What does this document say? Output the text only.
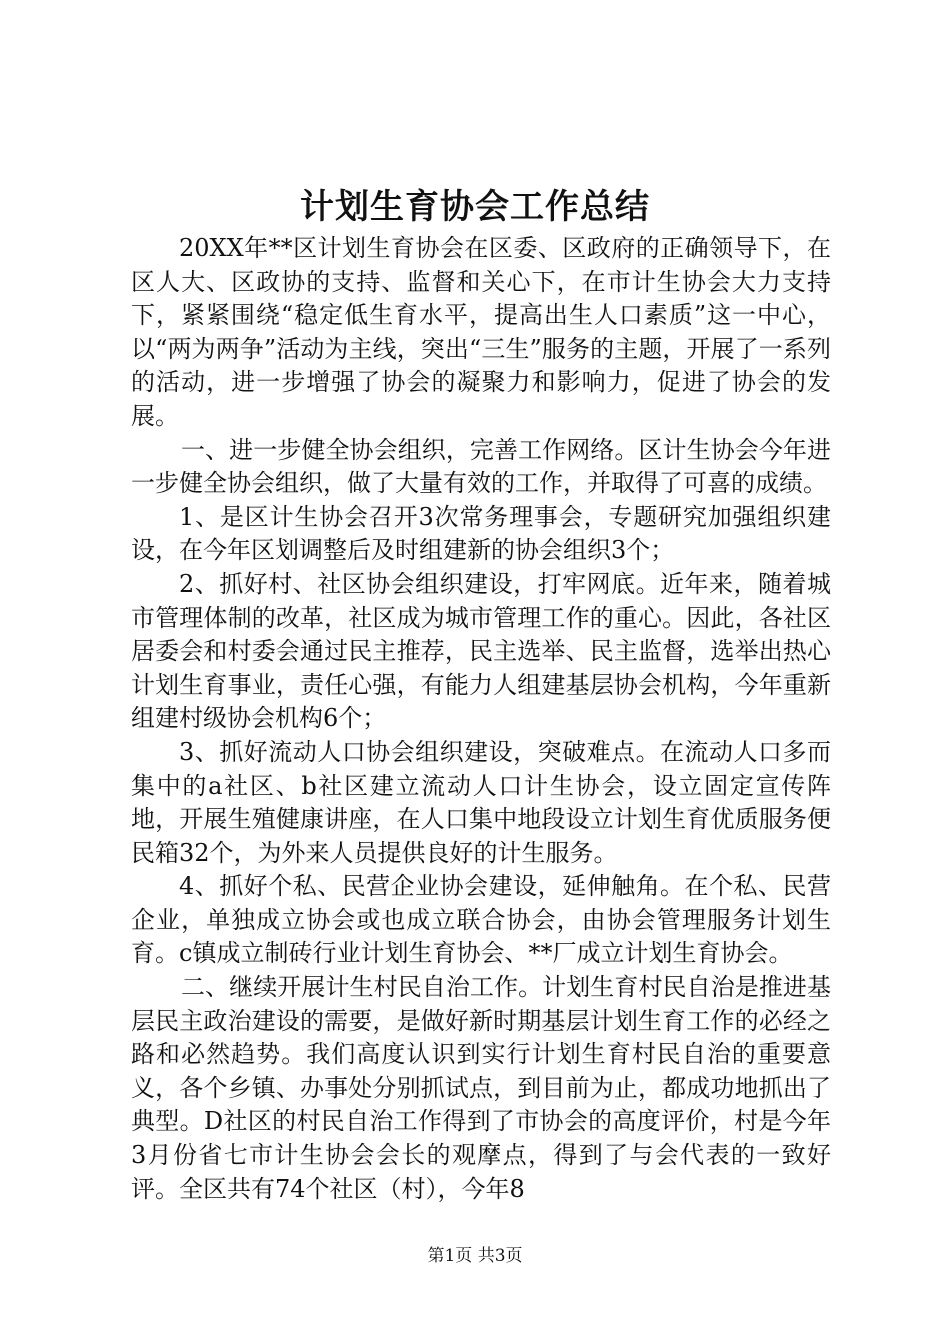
计划生育协会工作总结

20XX年**区计划生育协会在区委、区政府的正确领导下，在区人大、区政协的支持、监督和关心下，在市计生协会大力支持下，紧紧围绕“稳定低生育水平，提高出生人口素质”这一中心，以“两为两争”活动为主线，突出“三生”服务的主题，开展了一系列的活动，进一步增强了协会的凝聚力和影响力，促进了协会的发展。

一、进一步健全协会组织，完善工作网络。区计生协会今年进一步健全协会组织，做了大量有效的工作，并取得了可喜的成绩。

1、是区计生协会召开3次常务理事会，专题研究加强组织建设，在今年区划调整后及时组建新的协会组织3个；

2、抓好村、社区协会组织建设，打牢网底。近年来，随着城市管理体制的改革，社区成为城市管理工作的重心。因此，各社区居委会和村委会通过民主推荐，民主选举、民主监督，选举出热心计划生育事业，责任心强，有能力人组建基层协会机构，今年重新组建村级协会机构6个；

3、抓好流动人口协会组织建设，突破难点。在流动人口多而集中的a社区、b社区建立流动人口计生协会，设立固定宣传阵地，开展生殖健康讲座，在人口集中地段设立计划生育优质服务便民箱32个，为外来人员提供良好的计生服务。

4、抓好个私、民营企业协会建设，延伸触角。在个私、民营企业，单独成立协会或也成立联合协会，由协会管理服务计划生育。c镇成立制砖行业计划生育协会、**厂成立计划生育协会。

二、继续开展计生村民自治工作。计划生育村民自治是推进基层民主政治建设的需要，是做好新时期基层计划生育工作的必经之路和必然趋势。我们高度认识到实行计划生育村民自治的重要意义，各个乡镇、办事处分别抓试点，到目前为止，都成功地抓出了典型。D社区的村民自治工作得到了市协会的高度评价，村是今年3月份省七市计生协会会长的观摩点，得到了与会代表的一致好评。全区共有74个社区（村），今年8

第1页 共3页
